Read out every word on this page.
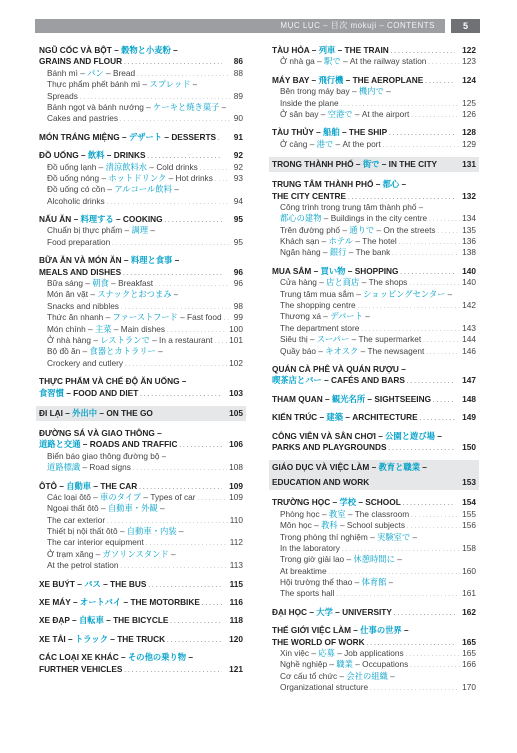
MỤC LỤC – 目次 mokuji – CONTENTS	5
NGŨ CỐC VÀ BỘT – 穀物と小麦粉 –
GRAINS AND FLOUR . . .	86
Bánh mì – パン – Bread . . .	88
Thực phẩm phết bánh mì – スプレッド –
Spreads . . .	89
Bánh ngọt và bánh nướng – ケーキと焼き菓子 –
Cakes and pastries . . .	90
MÓN TRÁNG MIỆNG – デザート – DESSERTS . . . 91
ĐỒ UỐNG – 飲料 – DRINKS . . .	92
Đồ uống lạnh – 清涼飲料水 – Cold drinks . . .	92
Đồ uống nóng – ホットドリンク – Hot drinks . . .	93
Đồ uống có cồn – アルコール飲料 –
Alcoholic drinks . . .	94
NẤU ĂN – 料理する – COOKING . . .	95
Chuẩn bị thực phẩm – 調理 –
Food preparation . . .	95
BỮA ĂN VÀ MÓN ĂN – 料理と食事 –
MEALS AND DISHES . . .	96
Bữa sáng – 朝食 – Breakfast . . .	96
Món ăn vặt – スナックとおつまみ –
Snacks and nibbles . . .	98
Thức ăn nhanh – ファーストフード – Fast food . . . 99
Món chính – 主菜 – Main dishes . . .	100
Ở nhà hàng – レストランで – In a restaurant . . . 101
Bộ đồ ăn – 食器とカトラリー –
Crockery and cutlery . . .	102
THỰC PHẨM VÀ CHẾ ĐỘ ĂN UỐNG –
食習慣 – FOOD AND DIET . . .	103
ĐI LẠI – 外出中 – ON THE GO	105
ĐƯỜNG SÁ VÀ GIAO THÔNG –
道路と交通 – ROADS AND TRAFFIC . . .	106
Biển báo giao thông đường bộ –
道路標識 – Road signs . . .	108
ÔTÔ – 自動車 – THE CAR . . .	109
Các loại ôtô – 車のタイプ – Types of car . . .	109
Ngoại thất ôtô – 自動車・外観 –
The car exterior . . .	110
Thiết bị nội thất ôtô – 自動車・内装 –
The car interior equipment . . .	112
Ở trạm xăng – ガソリンスタンド –
At the petrol station . . .	113
XE BUÝT – バス – THE BUS . . .	115
XE MÁY – オートバイ – THE MOTORBIKE . . .	116
XE ĐẠP – 自転車 – THE BICYCLE . . .	118
XE TẢI – トラック – THE TRUCK . . .	120
CÁC LOẠI XE KHÁC – その他の乗り物 –
FURTHER VEHICLES . . .	121
TÀU HỎA – 列車 – THE TRAIN . . .	122
Ở nhà ga – 駅で – At the railway station . . .	123
MÁY BAY – 飛行機 – THE AEROPLANE . . .	124
Bên trong máy bay – 機内で –
Inside the plane . . .	125
Ở sân bay – 空港で – At the airport . . .	126
TÀU THỦY – 船舶 – THE SHIP . . .	128
Ở cảng – 港で – At the port . . .	129
TRONG THÀNH PHỐ – 街で – IN THE CITY	131
TRUNG TÂM THÀNH PHỐ – 都心 –
THE CITY CENTRE . . .	132
Công trình trong trung tâm thành phố –
都心の建物 – Buildings in the city centre . . .	134
Trên đường phố – 通りで – On the streets . . .	135
Khách sạn – ホテル – The hotel . . .	136
Ngân hàng – 銀行 – The bank . . .	138
MUA SẮM – 買い物 – SHOPPING . . .	140
Cửa hàng – 店と商店 – The shops . . .	140
Trung tâm mua sắm – ショッピングセンター –
The shopping centre . . .	142
Thương xá – デパート –
The department store . . .	143
Siêu thị – スーパー – The supermarket . . .	144
Quầy báo – キオスク – The newsagent . . .	146
QUÁN CÀ PHÊ VÀ QUÁN RƯỢU –
喫茶店とバー – CAFÉS AND BARS . . .	147
THAM QUAN – 観光名所 – SIGHTSEEING . . .	148
KIẾN TRÚC – 建築 – ARCHITECTURE . . .	149
CÔNG VIÊN VÀ SÂN CHƠI – 公園と遊び場 –
PARKS AND PLAYGROUNDS . . .	150
GIÁO DỤC VÀ VIỆC LÀM – 教育と職業 –
EDUCATION AND WORK	153
TRƯỜNG HỌC – 学校 – SCHOOL . . .	154
Phòng học – 教室 – The classroom . . .	155
Môn học – 教科 – School subjects . . .	156
Trong phòng thí nghiệm – 実験室で –
In the laboratory . . .	158
Trong giờ giải lao – 休憩時間に –
At breaktime . . .	160
Hội trường thể thao – 体育館 –
The sports hall . . .	161
ĐẠI HỌC – 大学 – UNIVERSITY . . .	162
THẾ GIỚI VIỆC LÀM – 仕事の世界 –
THE WORLD OF WORK . . .	165
Xin việc – 応募 – Job applications . . .	165
Nghề nghiệp – 職業 – Occupations . . .	166
Cơ cấu tổ chức – 会社の組織 –
Organizational structure . . .	170
